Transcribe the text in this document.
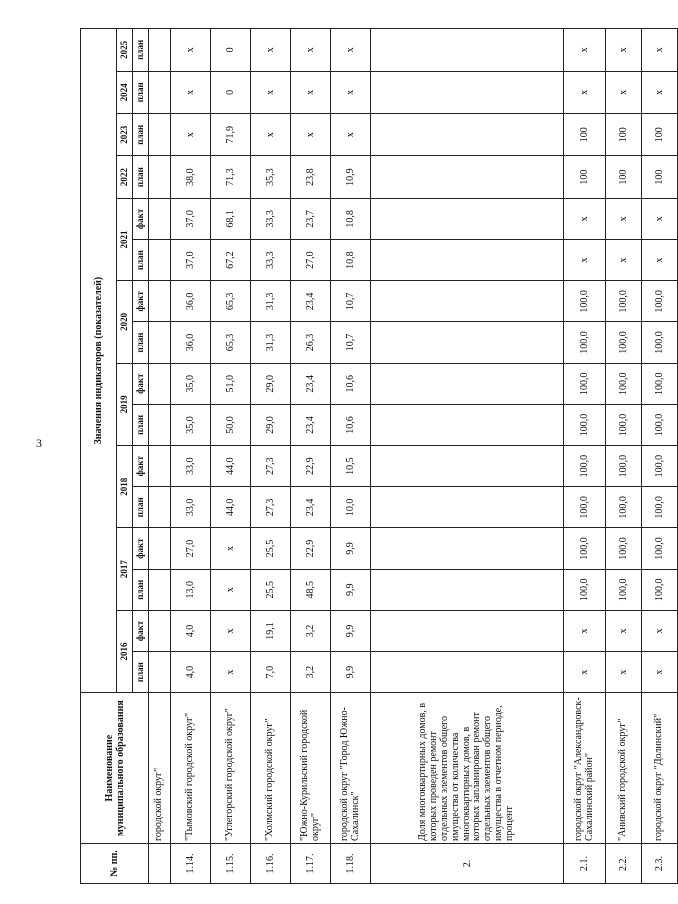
3
№ пп.	Наименование муниципального образования	Значения индикаторов (показателей)															
		2016		2017		2018		2019		2020		2021		2022	2023	2024	2025
		план	факт	план	факт	план	факт	план	факт	план	факт	план	факт	план	план	план	план
	городской округ"																
1.14.	"Тымовский городской округ"	4,0	4,0	13,0	27,0	33,0	33,0	35,0	35,0	36,0	36,0	37,0	37,0	38,0	x	x	x
1.15.	"Углегорский городской округ"	x	x	x	x	44,0	44,0	50,0	51,0	65,3	65,3	67,2	68,1	71,3	71,9	0	0
1.16.	"Холмский городской округ"	7,0	19,1	25,5	25,5	27,3	27,3	29,0	29,0	31,3	31,3	33,3	33,3	35,3	x	x	x
1.17.	"Южно-Курильский городской округ"	3,2	3,2	48,5	22,9	23,4	22,9	23,4	23,4	26,3	23,4	27,0	23,7	23,8	x	x	x
1.18.	городской округ "Город Южно-Сахалинск"	9,9	9,9	9,9	9,9	10,0	10,5	10,6	10,6	10,7	10,7	10,8	10,8	10,9	x	x	x
2.	Доля многоквартирных домов, в которых проведен ремонт отдельных элементов общего имущества от количества многоквартирных домов, в которых запланирован ремонт отдельных элементов общего имущества в отчетном периоде, процент																
2.1.	городской округ "Александровск-Сахалинский район"	x	x	100,0	100,0	100,0	100,0	100,0	100,0	100,0	100,0	x	x	100	100	x	x
2.2.	"Анивский городской округ"	x	x	100,0	100,0	100,0	100,0	100,0	100,0	100,0	100,0	x	x	100	100	x	x
2.3.	городской округ "Долинский"	x	x	100,0	100,0	100,0	100,0	100,0	100,0	100,0	100,0	x	x	100	100	x	x
